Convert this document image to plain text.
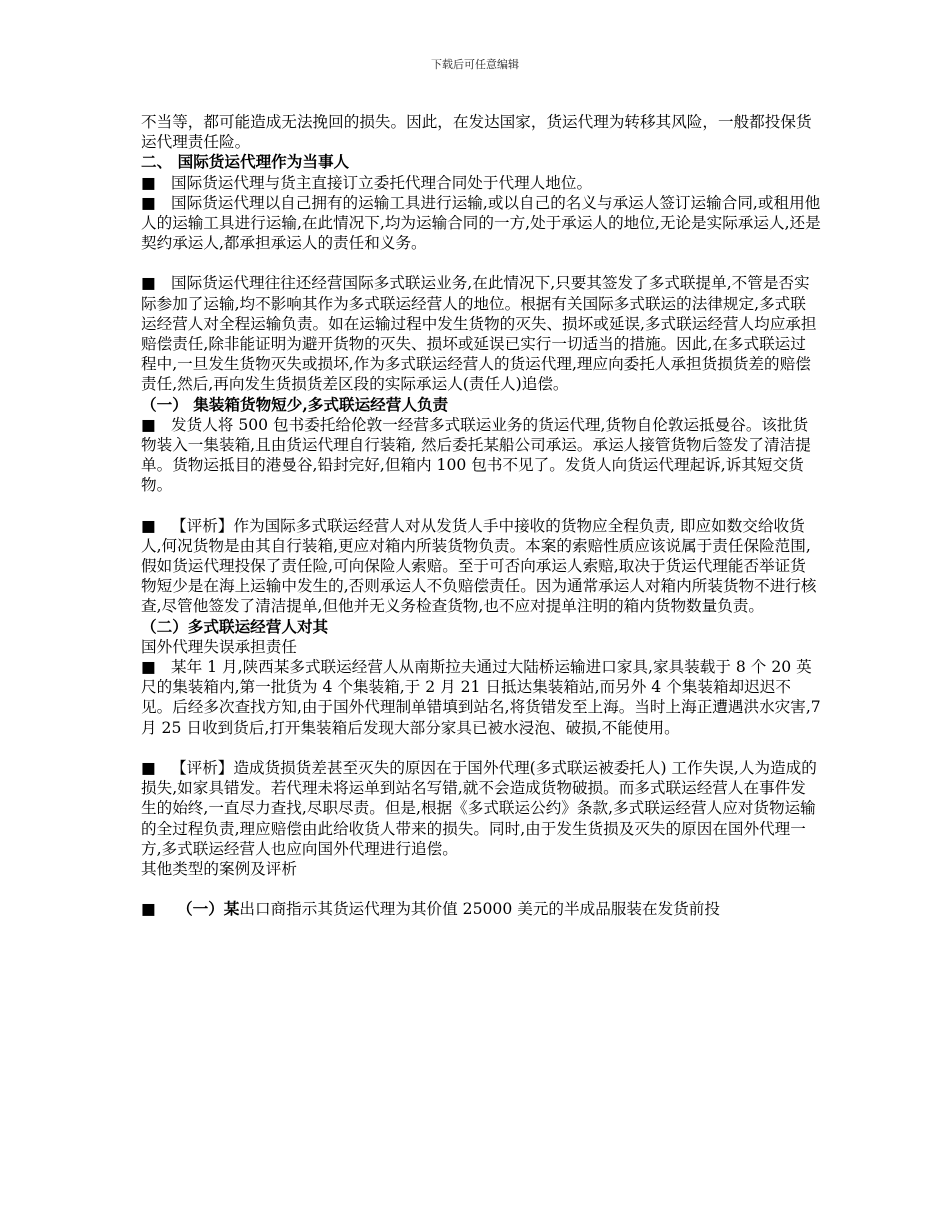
下载后可任意编辑

不当等，都可能造成无法挽回的损失。因此，在发达国家，货运代理为转移其风险，一般都投保货运代理责任险。

二、 国际货运代理作为当事人

■ 国际货运代理与货主直接订立委托代理合同处于代理人地位。

■ 国际货运代理以自己拥有的运输工具进行运输,或以自己的名义与承运人签订运输合同,或租用他人的运输工具进行运输,在此情况下,均为运输合同的一方,处于承运人的地位,无论是实际承运人,还是契约承运人,都承担承运人的责任和义务。

■ 国际货运代理往往还经营国际多式联运业务,在此情况下,只要其签发了多式联提单,不管是否实际参加了运输,均不影响其作为多式联运经营人的地位。根据有关国际多式联运的法律规定,多式联运经营人对全程运输负责。如在运输过程中发生货物的灭失、损坏或延误,多式联运经营人均应承担赔偿责任,除非能证明为避开货物的灭失、损坏或延误已实行一切适当的措施。因此,在多式联运过程中,一旦发生货物灭失或损坏,作为多式联运经营人的货运代理,理应向委托人承担货损货差的赔偿责任,然后,再向发生货损货差区段的实际承运人(责任人)追偿。

（一） 集装箱货物短少,多式联运经营人负责

■ 发货人将 500 包书委托给伦敦一经营多式联运业务的货运代理,货物自伦敦运抵曼谷。该批货物装入一集装箱,且由货运代理自行装箱, 然后委托某船公司承运。承运人接管货物后签发了清洁提单。货物运抵目的港曼谷,铅封完好,但箱内 100 包书不见了。发货人向货运代理起诉,诉其短交货物。

■ 【评析】作为国际多式联运经营人对从发货人手中接收的货物应全程负责, 即应如数交给收货人,何况货物是由其自行装箱,更应对箱内所装货物负责。本案的索赔性质应该说属于责任保险范围,假如货运代理投保了责任险,可向保险人索赔。至于可否向承运人索赔,取决于货运代理能否举证货物短少是在海上运输中发生的,否则承运人不负赔偿责任。因为通常承运人对箱内所装货物不进行核查,尽管他签发了清洁提单,但他并无义务检查货物,也不应对提单注明的箱内货物数量负责。

（二）多式联运经营人对其

国外代理失误承担责任

■ 某年 1 月,陕西某多式联运经营人从南斯拉夫通过大陆桥运输进口家具,家具装载于 8 个 20 英尺的集装箱内,第一批货为 4 个集装箱,于 2 月 21 日抵达集装箱站,而另外 4 个集装箱却迟迟不见。后经多次查找方知,由于国外代理制单错填到站名,将货错发至上海。当时上海正遭遇洪水灾害,7 月 25 日收到货后,打开集装箱后发现大部分家具已被水浸泡、破损,不能使用。

■ 【评析】造成货损货差甚至灭失的原因在于国外代理(多式联运被委托人) 工作失误,人为造成的损失,如家具错发。若代理未将运单到站名写错,就不会造成货物破损。而多式联运经营人在事件发生的始终,一直尽力查找,尽职尽责。但是,根据《多式联运公约》条款,多式联运经营人应对货物运输的全过程负责,理应赔偿由此给收货人带来的损失。同时,由于发生货损及灭失的原因在国外代理一方,多式联运经营人也应向国外代理进行追偿。

其他类型的案例及评析

■ （一）某出口商指示其货运代理为其价值 25000 美元的半成品服装在发货前投
